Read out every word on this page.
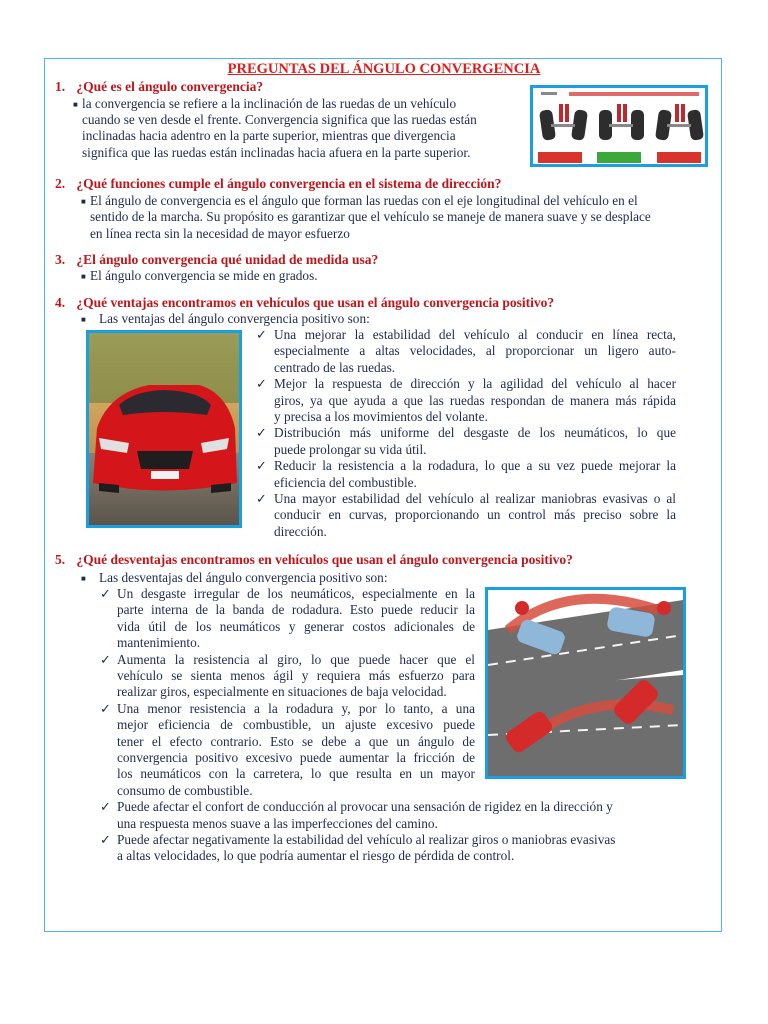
PREGUNTAS DEL ÁNGULO CONVERGENCIA
1. ¿Qué es el ángulo convergencia?
■ la convergencia se refiere a la inclinación de las ruedas de un vehículo
cuando se ven desde el frente. Convergencia significa que las ruedas están
inclinadas hacia adentro en la parte superior, mientras que divergencia
significa que las ruedas están inclinadas hacia afuera en la parte superior.
2. ¿Qué funciones cumple el ángulo convergencia en el sistema de dirección?
■ El ángulo de convergencia es el ángulo que forman las ruedas con el eje longitudinal del vehículo en el
sentido de la marcha. Su propósito es garantizar que el vehículo se maneje de manera suave y se desplace
en línea recta sin la necesidad de mayor esfuerzo
3. ¿El ángulo convergencia qué unidad de medida usa?
■ El ángulo convergencia se mide en grados.
4. ¿Qué ventajas encontramos en vehículos que usan el ángulo convergencia positivo?
■ Las ventajas del ángulo convergencia positivo son:
✓ Una mejorar la estabilidad del vehículo al conducir en línea recta,
especialmente a altas velocidades, al proporcionar un ligero auto-
centrado de las ruedas.
✓ Mejor la respuesta de dirección y la agilidad del vehículo al hacer
giros, ya que ayuda a que las ruedas respondan de manera más rápida
y precisa a los movimientos del volante.
✓ Distribución más uniforme del desgaste de los neumáticos, lo que
puede prolongar su vida útil.
✓ Reducir la resistencia a la rodadura, lo que a su vez puede mejorar la
eficiencia del combustible.
✓ Una mayor estabilidad del vehículo al realizar maniobras evasivas o al
conducir en curvas, proporcionando un control más preciso sobre la
dirección.
5. ¿Qué desventajas encontramos en vehículos que usan el ángulo convergencia positivo?
■ Las desventajas del ángulo convergencia positivo son:
✓ Un desgaste irregular de los neumáticos, especialmente en la
parte interna de la banda de rodadura. Esto puede reducir la
vida útil de los neumáticos y generar costos adicionales de
mantenimiento.
✓ Aumenta la resistencia al giro, lo que puede hacer que el
vehículo se sienta menos ágil y requiera más esfuerzo para
realizar giros, especialmente en situaciones de baja velocidad.
✓ Una menor resistencia a la rodadura y, por lo tanto, a una
mejor eficiencia de combustible, un ajuste excesivo puede
tener el efecto contrario. Esto se debe a que un ángulo de
convergencia positivo excesivo puede aumentar la fricción de
los neumáticos con la carretera, lo que resulta en un mayor
consumo de combustible.
✓ Puede afectar el confort de conducción al provocar una sensación de rigidez en la dirección y
una respuesta menos suave a las imperfecciones del camino.
✓ Puede afectar negativamente la estabilidad del vehículo al realizar giros o maniobras evasivas
a altas velocidades, lo que podría aumentar el riesgo de pérdida de control.
